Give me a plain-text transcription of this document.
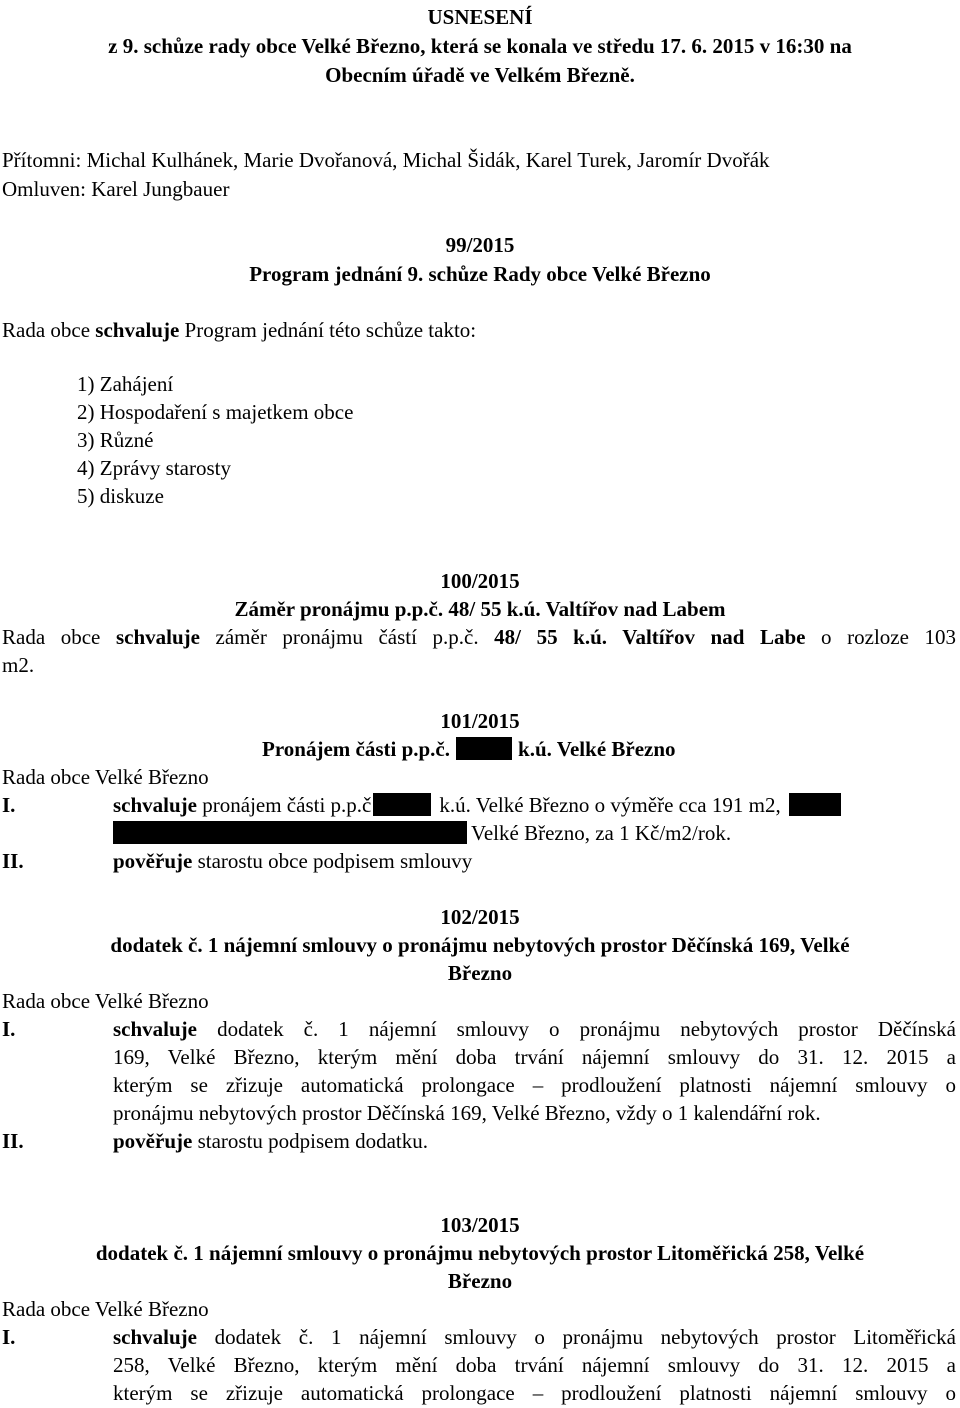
USNESENÍ
z 9. schůze rady obce Velké Březno, která se konala ve středu 17. 6. 2015 v 16:30 na
Obecním úřadě ve Velkém Březně.
Přítomni: Michal Kulhánek, Marie Dvořanová, Michal Šidák, Karel Turek, Jaromír Dvořák
Omluven: Karel Jungbauer
99/2015
Program jednání 9. schůze Rady obce Velké Březno
Rada obce schvaluje Program jednání této schůze takto:
1) Zahájení
2) Hospodaření s majetkem obce
3) Různé
4) Zprávy starosty
5) diskuze
100/2015
Záměr pronájmu p.p.č. 48/ 55 k.ú. Valtířov nad Labem
Rada obce schvaluje záměr pronájmu částí p.p.č. 48/ 55 k.ú. Valtířov nad Labe o rozloze 103
m2.
101/2015
Pronájem části p.p.č.	k.ú. Velké Březno
Rada obce Velké Březno
I.	schvaluje pronájem části p.p.č	k.ú. Velké Březno o výměře cca 191 m2,
Velké Březno, za 1 Kč/m2/rok.
II.	pověřuje starostu obce podpisem smlouvy
102/2015
dodatek č. 1 nájemní smlouvy o pronájmu nebytových prostor Děčínská 169, Velké
Březno
Rada obce Velké Březno
I.	schvaluje dodatek č. 1 nájemní smlouvy o pronájmu nebytových prostor Děčínská
169, Velké Březno, kterým mění doba trvání nájemní smlouvy do 31. 12. 2015 a
kterým se zřizuje automatická prolongace – prodloužení platnosti nájemní smlouvy o
pronájmu nebytových prostor Děčínská 169, Velké Březno, vždy o 1 kalendářní rok.
II.	pověřuje starostu podpisem dodatku.
103/2015
dodatek č. 1 nájemní smlouvy o pronájmu nebytových prostor Litoměřická 258, Velké
Březno
Rada obce Velké Březno
I.	schvaluje dodatek č. 1 nájemní smlouvy o pronájmu nebytových prostor Litoměřická
258, Velké Březno, kterým mění doba trvání nájemní smlouvy do 31. 12. 2015 a
kterým se zřizuje automatická prolongace – prodloužení platnosti nájemní smlouvy o
